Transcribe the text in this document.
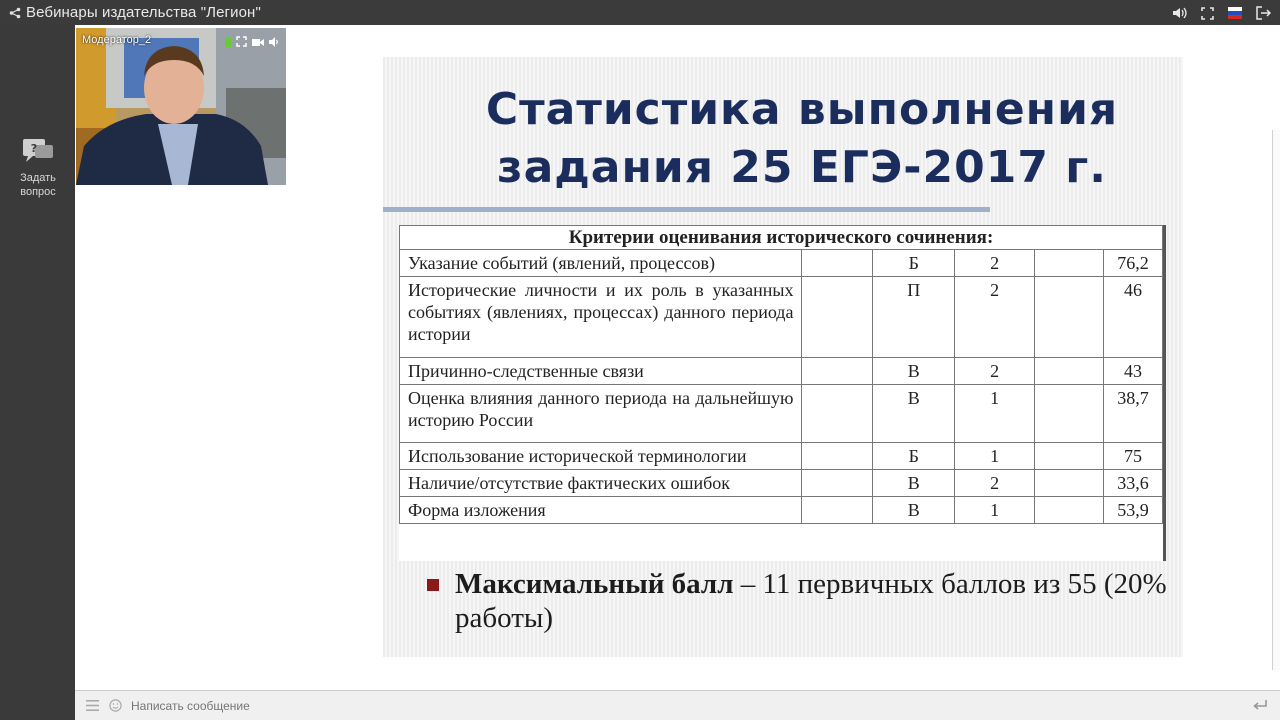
Вебинары издательства "Легион"
?
Задать
вопрос
Модератор_2
Статистика выполнения
задания 25 ЕГЭ-2017 г.
Критерии оценивания исторического сочинения:					
Указание событий (явлений, процессов)		Б	2		76,2
Исторические личности и их роль в указанных событиях (явлениях, процессах) данного периода истории		П	2		46
Причинно-следственные связи		В	2		43
Оценка влияния данного периода на дальнейшую историю России		В	1		38,7
Использование исторической терминологии		Б	1		75
Наличие/отсутствие фактических ошибок		В	2		33,6
Форма изложения		В	1		53,9
Максимальный балл – 11 первичных баллов из 55 (20% работы)
Написать сообщение
